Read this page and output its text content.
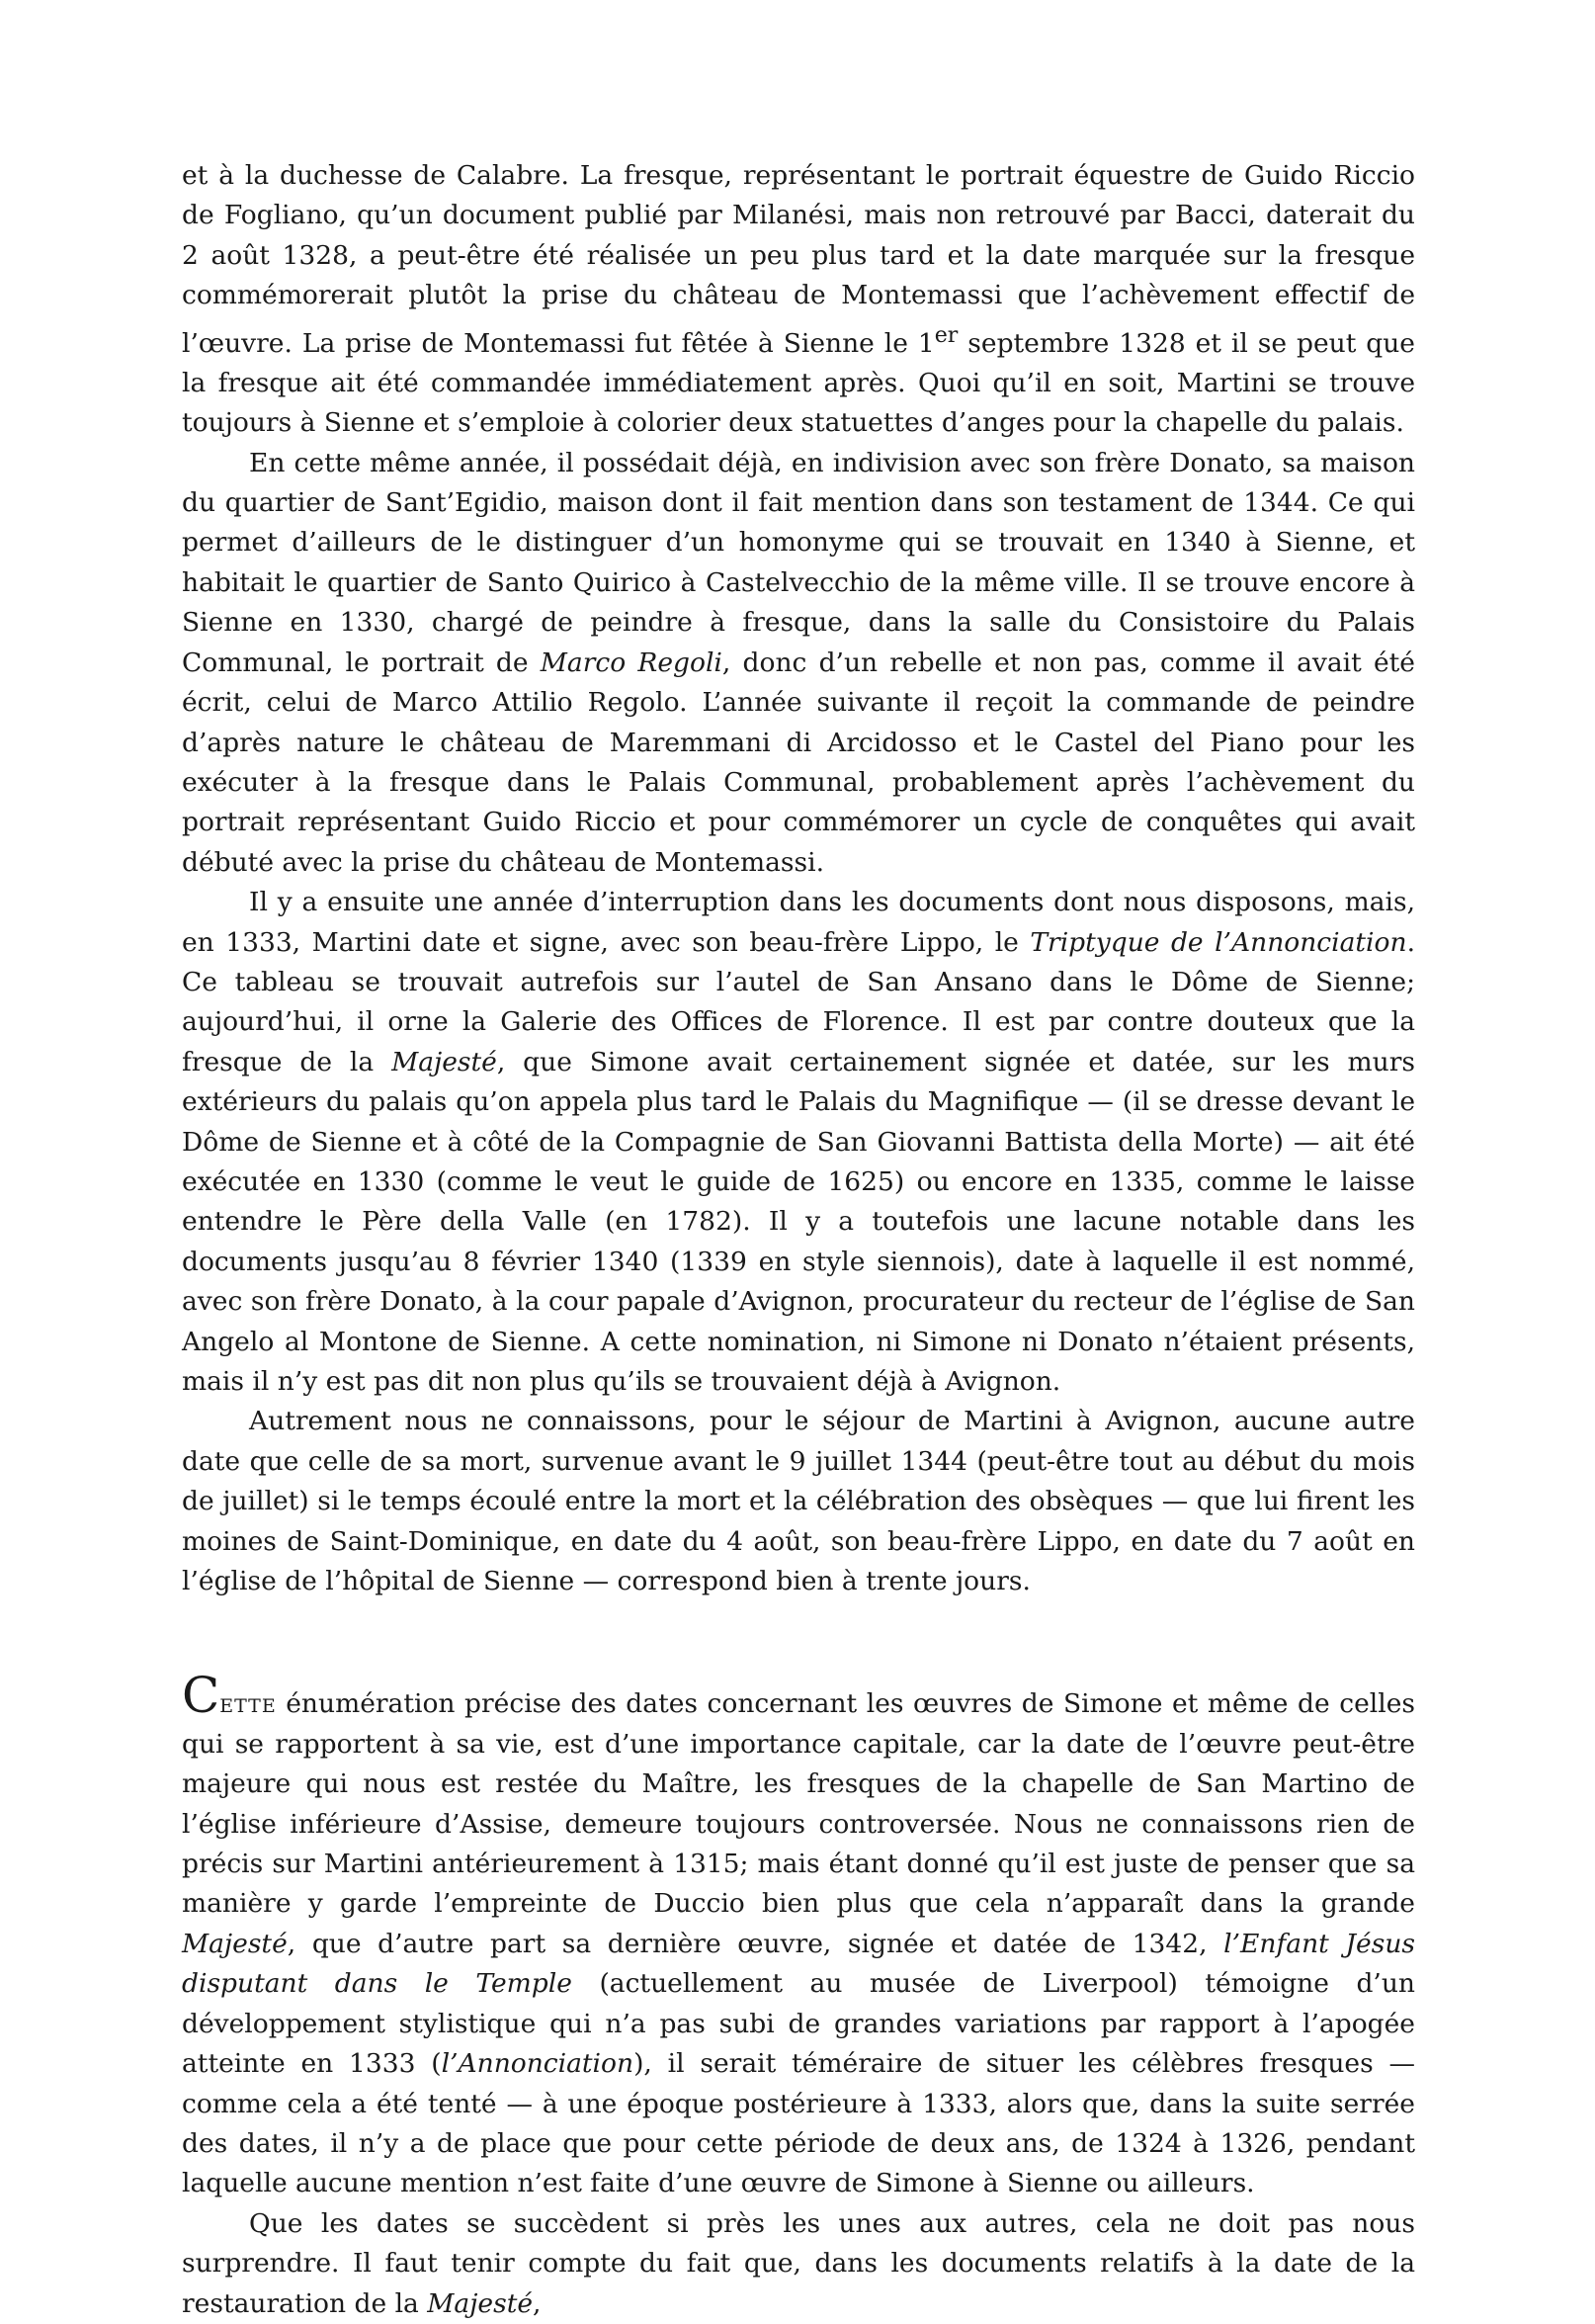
et à la duchesse de Calabre. La fresque, représentant le portrait équestre de Guido Riccio de Fogliano, qu’un document publié par Milanési, mais non retrouvé par Bacci, daterait du 2 août 1328, a peut-être été réalisée un peu plus tard et la date marquée sur la fresque commémorerait plutôt la prise du château de Montemassi que l’achèvement effectif de l’œuvre. La prise de Montemassi fut fêtée à Sienne le 1er septembre 1328 et il se peut que la fresque ait été commandée immédiatement après. Quoi qu’il en soit, Martini se trouve toujours à Sienne et s’emploie à colorier deux statuettes d’anges pour la chapelle du palais.

En cette même année, il possédait déjà, en indivision avec son frère Donato, sa maison du quartier de Sant’Egidio, maison dont il fait mention dans son testament de 1344. Ce qui permet d’ailleurs de le distinguer d’un homonyme qui se trouvait en 1340 à Sienne, et habitait le quartier de Santo Quirico à Castelvecchio de la même ville. Il se trouve encore à Sienne en 1330, chargé de peindre à fresque, dans la salle du Consistoire du Palais Communal, le portrait de Marco Regoli, donc d’un rebelle et non pas, comme il avait été écrit, celui de Marco Attilio Regolo. L’année suivante il reçoit la commande de peindre d’après nature le château de Maremmani di Arcidosso et le Castel del Piano pour les exécuter à la fresque dans le Palais Communal, probablement après l’achèvement du portrait représentant Guido Riccio et pour commémorer un cycle de conquêtes qui avait débuté avec la prise du château de Montemassi.

Il y a ensuite une année d’interruption dans les documents dont nous disposons, mais, en 1333, Martini date et signe, avec son beau-frère Lippo, le Triptyque de l’Annonciation. Ce tableau se trouvait autrefois sur l’autel de San Ansano dans le Dôme de Sienne; aujourd’hui, il orne la Galerie des Offices de Florence. Il est par contre douteux que la fresque de la Majesté, que Simone avait certainement signée et datée, sur les murs extérieurs du palais qu’on appela plus tard le Palais du Magnifique — (il se dresse devant le Dôme de Sienne et à côté de la Compagnie de San Giovanni Battista della Morte) — ait été exécutée en 1330 (comme le veut le guide de 1625) ou encore en 1335, comme le laisse entendre le Père della Valle (en 1782). Il y a toutefois une lacune notable dans les documents jusqu’au 8 février 1340 (1339 en style siennois), date à laquelle il est nommé, avec son frère Donato, à la cour papale d’Avignon, procurateur du recteur de l’église de San Angelo al Montone de Sienne. A cette nomination, ni Simone ni Donato n’étaient présents, mais il n’y est pas dit non plus qu’ils se trouvaient déjà à Avignon.

Autrement nous ne connaissons, pour le séjour de Martini à Avignon, aucune autre date que celle de sa mort, survenue avant le 9 juillet 1344 (peut-être tout au début du mois de juillet) si le temps écoulé entre la mort et la célébration des obsèques — que lui firent les moines de Saint-Dominique, en date du 4 août, son beau-frère Lippo, en date du 7 août en l’église de l’hôpital de Sienne — correspond bien à trente jours.

Cette énumération précise des dates concernant les œuvres de Simone et même de celles qui se rapportent à sa vie, est d’une importance capitale, car la date de l’œuvre peut-être majeure qui nous est restée du Maître, les fresques de la chapelle de San Martino de l’église inférieure d’Assise, demeure toujours controversée. Nous ne connaissons rien de précis sur Martini antérieurement à 1315; mais étant donné qu’il est juste de penser que sa manière y garde l’empreinte de Duccio bien plus que cela n’apparaît dans la grande Majesté, que d’autre part sa dernière œuvre, signée et datée de 1342, l’Enfant Jésus disputant dans le Temple (actuellement au musée de Liverpool) témoigne d’un développement stylistique qui n’a pas subi de grandes variations par rapport à l’apogée atteinte en 1333 (l’Annonciation), il serait téméraire de situer les célèbres fresques — comme cela a été tenté — à une époque postérieure à 1333, alors que, dans la suite serrée des dates, il n’y a de place que pour cette période de deux ans, de 1324 à 1326, pendant laquelle aucune mention n’est faite d’une œuvre de Simone à Sienne ou ailleurs.

Que les dates se succèdent si près les unes aux autres, cela ne doit pas nous surprendre. Il faut tenir compte du fait que, dans les documents relatifs à la date de la restauration de la Majesté,
